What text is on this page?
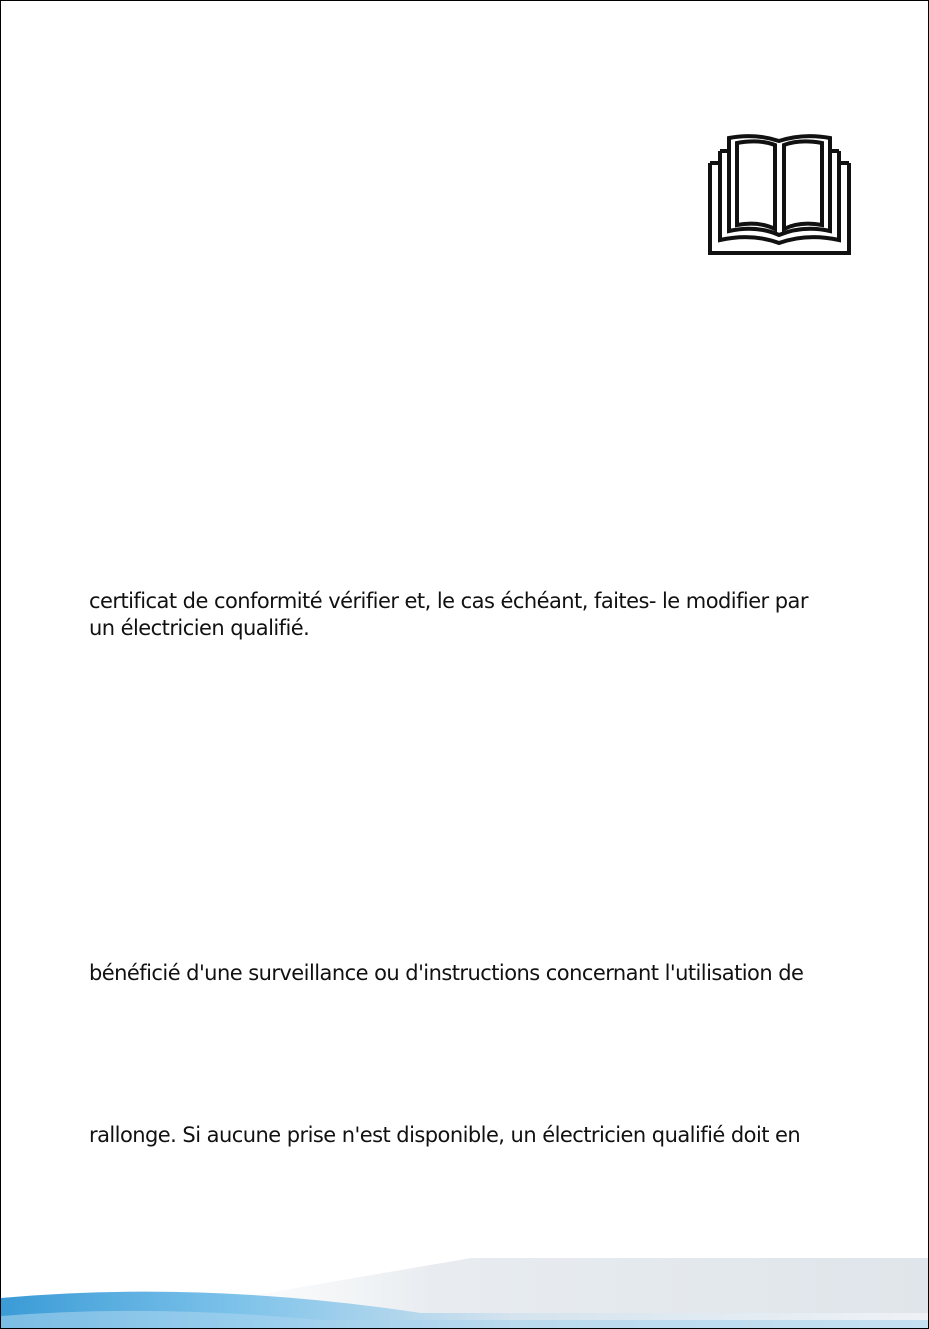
certificat de conformité vérifier et, le cas échéant, faites- le modifier par
un électricien qualifié.
bénéficié d'une surveillance ou d'instructions concernant l'utilisation de
rallonge. Si aucune prise n'est disponible, un électricien qualifié doit en
